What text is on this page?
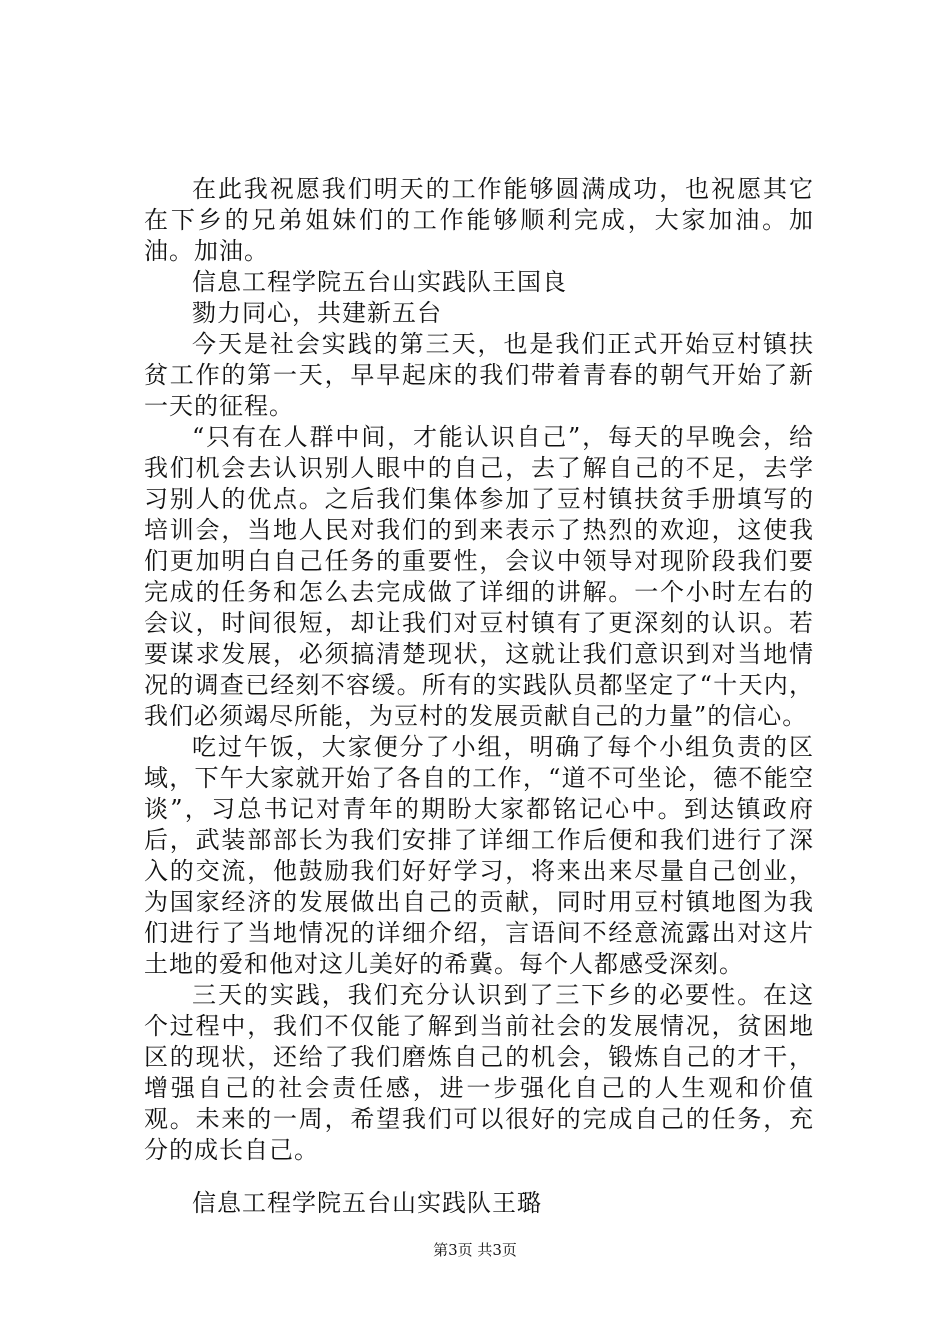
在此我祝愿我们明天的工作能够圆满成功，也祝愿其它在下乡的兄弟姐妹们的工作能够顺利完成，大家加油。加油。加油。

信息工程学院五台山实践队王国良

勠力同心，共建新五台

今天是社会实践的第三天，也是我们正式开始豆村镇扶贫工作的第一天，早早起床的我们带着青春的朝气开始了新一天的征程。

“只有在人群中间，才能认识自己”，每天的早晚会，给我们机会去认识别人眼中的自己，去了解自己的不足，去学习别人的优点。之后我们集体参加了豆村镇扶贫手册填写的培训会，当地人民对我们的到来表示了热烈的欢迎，这使我们更加明白自己任务的重要性，会议中领导对现阶段我们要完成的任务和怎么去完成做了详细的讲解。一个小时左右的会议，时间很短，却让我们对豆村镇有了更深刻的认识。若要谋求发展，必须搞清楚现状，这就让我们意识到对当地情况的调查已经刻不容缓。所有的实践队员都坚定了“十天内，我们必须竭尽所能，为豆村的发展贡献自己的力量”的信心。

吃过午饭，大家便分了小组，明确了每个小组负责的区域，下午大家就开始了各自的工作，“道不可坐论，德不能空谈”，习总书记对青年的期盼大家都铭记心中。到达镇政府后，武装部部长为我们安排了详细工作后便和我们进行了深入的交流，他鼓励我们好好学习，将来出来尽量自己创业，为国家经济的发展做出自己的贡献，同时用豆村镇地图为我们进行了当地情况的详细介绍，言语间不经意流露出对这片土地的爱和他对这儿美好的希冀。每个人都感受深刻。

三天的实践，我们充分认识到了三下乡的必要性。在这个过程中，我们不仅能了解到当前社会的发展情况，贫困地区的现状，还给了我们磨炼自己的机会，锻炼自己的才干，增强自己的社会责任感，进一步强化自己的人生观和价值观。未来的一周，希望我们可以很好的完成自己的任务，充分的成长自己。

信息工程学院五台山实践队王璐

第3页 共3页
